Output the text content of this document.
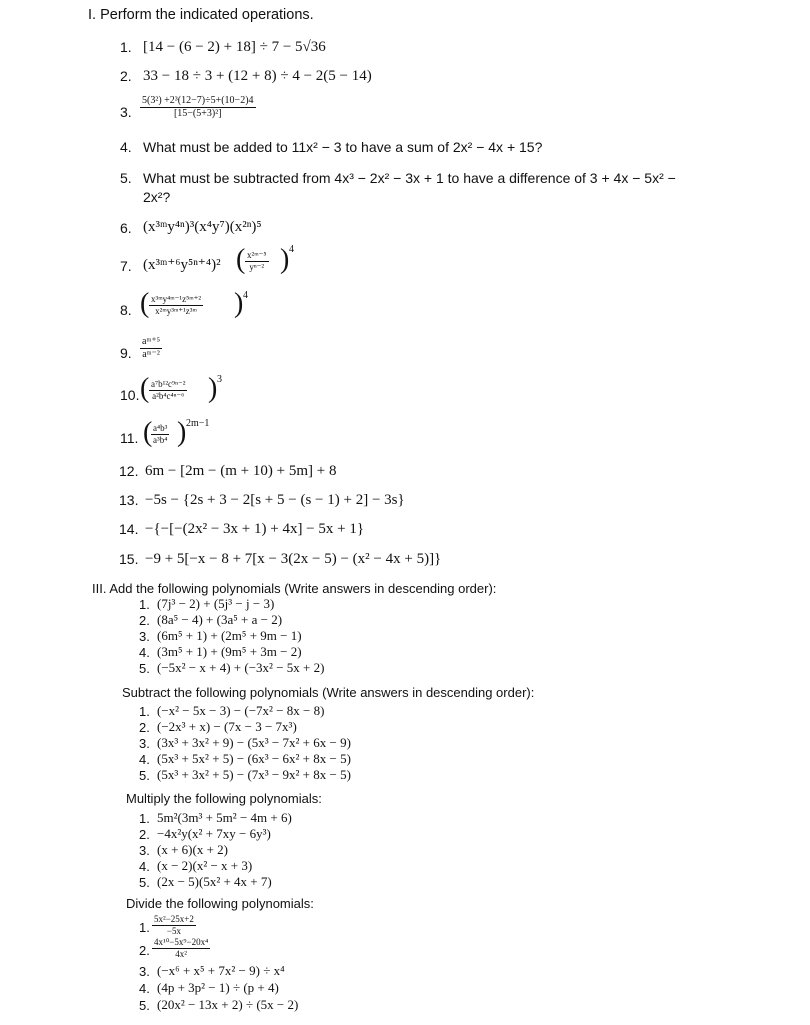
I. Perform the indicated operations.
1. [14 − (6 − 2) + 18] ÷ 7 − 5√36
2. 33 − 18 ÷ 3 + (12 + 8) ÷ 4 − 2(5 − 14)
3. $\frac{\text{5(3²) +2³(12−7)÷5+(10−2)4}}{\text{[15−(5+3)²]}}$
4. What must be added to 11x² − 3 to have a sum of 2x² − 4x + 15?
5. What must be subtracted from 4x³ − 2x² − 3x + 1 to have a difference of 3 + 4x − 5x² −
2x²?
6. (x³ᵐy⁴ⁿ)³(x⁴y⁷)(x²ⁿ)⁵
7. (x³ᵐ⁺⁶y⁵ⁿ⁺⁴)² ( $\frac{\text{x²ᵐ⁻⁵}}{\text{yⁿ⁻²}}$ ) 4
8. ( $\frac{\text{x³ᵐy⁴ᵐ⁻¹z⁵ᵐ⁺²}}{\text{x²ᵐy³ᵐ⁺¹z³ᵐ}}$ ) 4
9. $\frac{\text{aᵐ⁺⁵}}{\text{aᵐ⁻²}}$
10. ( $\frac{\text{a⁷b¹²c⁹ⁿ⁻²}}{\text{a²b⁴c⁴ⁿ⁻⁶}}$ ) 3
11. (
$\frac{\text{a⁴b³}}{\text{a³b⁴}}$ ) 2m−1
12. 6m − [2m − (m + 10) + 5m] + 8
13. −5s − {2s + 3 − 2[s + 5 − (s − 1) + 2] − 3s}
14. −{−[−(2x² − 3x + 1) + 4x] − 5x + 1}
15. −9 + 5[−x − 8 + 7[x − 3(2x − 5) − (x² − 4x + 5)]}
III. Add the following polynomials (Write answers in descending order):
1. (7j³ − 2) + (5j³ − j − 3)
2. (8a⁵ − 4) + (3a⁵ + a − 2)
3. (6m⁵ + 1) + (2m⁵ + 9m − 1)
4. (3m⁵ + 1) + (9m⁵ + 3m − 2)
5. (−5x² − x + 4) + (−3x² − 5x + 2)
Subtract the following polynomials (Write answers in descending order):
1. (−x² − 5x − 3) − (−7x² − 8x − 8)
2. (−2x³ + x) − (7x − 3 − 7x³)
3. (3x³ + 3x² + 9) − (5x³ − 7x² + 6x − 9)
4. (5x³ + 5x² + 5) − (6x³ − 6x² + 8x − 5)
5. (5x³ + 3x² + 5) − (7x³ − 9x² + 8x − 5)
Multiply the following polynomials:
1. 5m²(3m³ + 5m² − 4m + 6)
2. −4x²y(x² + 7xy − 6y³)
3. (x + 6)(x + 2)
4. (x − 2)(x² − x + 3)
5. (2x − 5)(5x² + 4x + 7)
Divide the following polynomials:
1. $\frac{\text{5x²−25x+2}}{-5x}$
2. $\frac{\text{4x¹⁰−5x⁹−20x⁴}}{\text{4x²}}$
3. (−x⁶ + x⁵ + 7x² − 9) ÷ x⁴
4. (4p + 3p² − 1) ÷ (p + 4)
5. (20x² − 13x + 2) ÷ (5x − 2)
